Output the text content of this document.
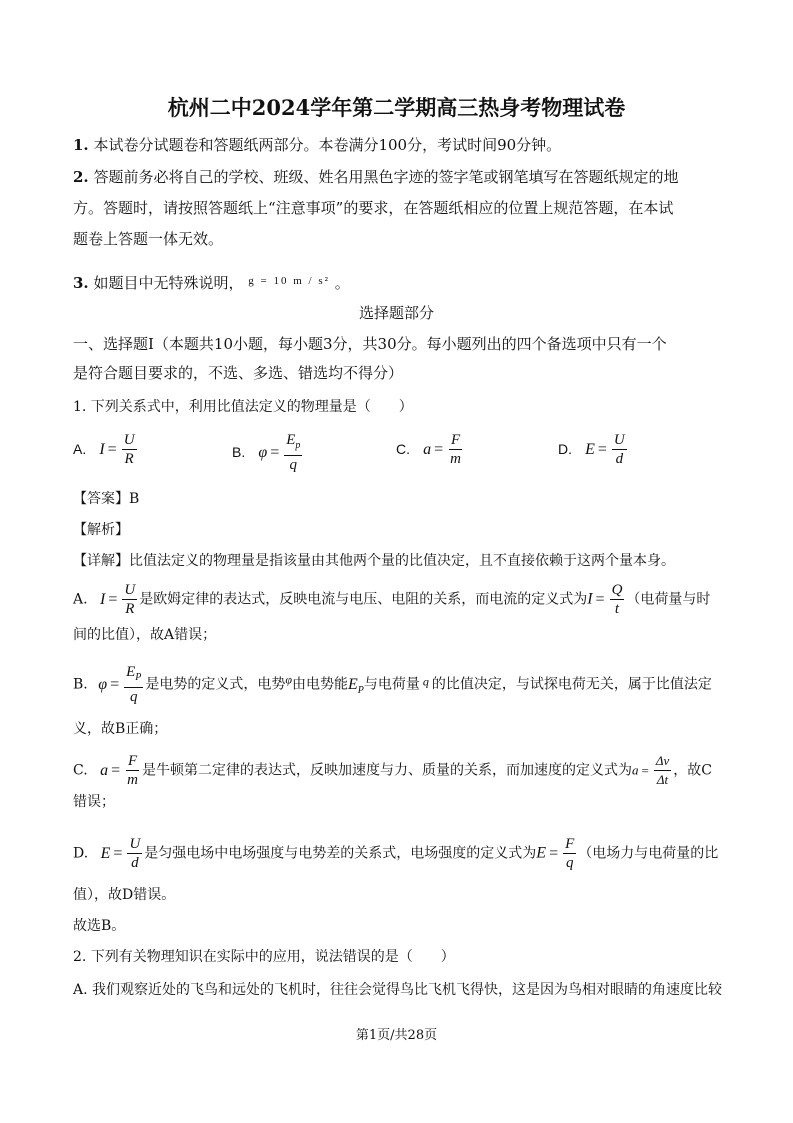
杭州二中2024学年第二学期高三热身考物理试卷
1. 本试卷分试题卷和答题纸两部分。本卷满分100分，考试时间90分钟。
2. 答题前务必将自己的学校、班级、姓名用黑色字迹的签字笔或钢笔填写在答题纸规定的地
方。答题时，请按照答题纸上“注意事项”的要求，在答题纸相应的位置上规范答题，在本试
题卷上答题一体无效。
3. 如题目中无特殊说明， $^{g = 10 m / s^2}$ 。
选择题部分
一、选择题Ⅰ（本题共10小题，每小题3分，共30分。每小题列出的四个备选项中只有一个
是符合题目要求的，不选、多选、错选均不得分）
1. 下列关系式中，利用比值法定义的物理量是（　　）
A. $I = \frac{U}{R}$	B. $\varphi = \frac{E_p}{q}$	C. $a = \frac{F}{m}$	D. $E = \frac{U}{d}$
【答案】B
【解析】
【详解】比值法定义的物理量是指该量由其他两个量的比值决定，且不直接依赖于这两个量本身。
A. $I = \frac{U}{R}$ 是欧姆定律的表达式，反映电流与电压、电阻的关系，而电流的定义式为$I = \frac{Q}{t}$ （电荷量与时
间的比值），故A错误；
B. $\varphi = \frac{E_P}{q}$ 是电势的定义式，电势φ由电势能$E_P$与电荷量 q 的比值决定，与试探电荷无关，属于比值法定
义，故B正确；
C. $a = \frac{F}{m}$ 是牛顿第二定律的表达式，反映加速度与力、质量的关系，而加速度的定义式为$a = \frac{\Delta v}{\Delta t}$ ，故C
错误；
D. $E = \frac{U}{d}$ 是匀强电场中电场强度与电势差的关系式，电场强度的定义式为$E = \frac{F}{q}$ （电场力与电荷量的比
值），故D错误。
故选B。
2. 下列有关物理知识在实际中的应用，说法错误的是（　　）
A. 我们观察近处的飞鸟和远处的飞机时，往往会觉得鸟比飞机飞得快，这是因为鸟相对眼睛的角速度比较
第1页/共28页
